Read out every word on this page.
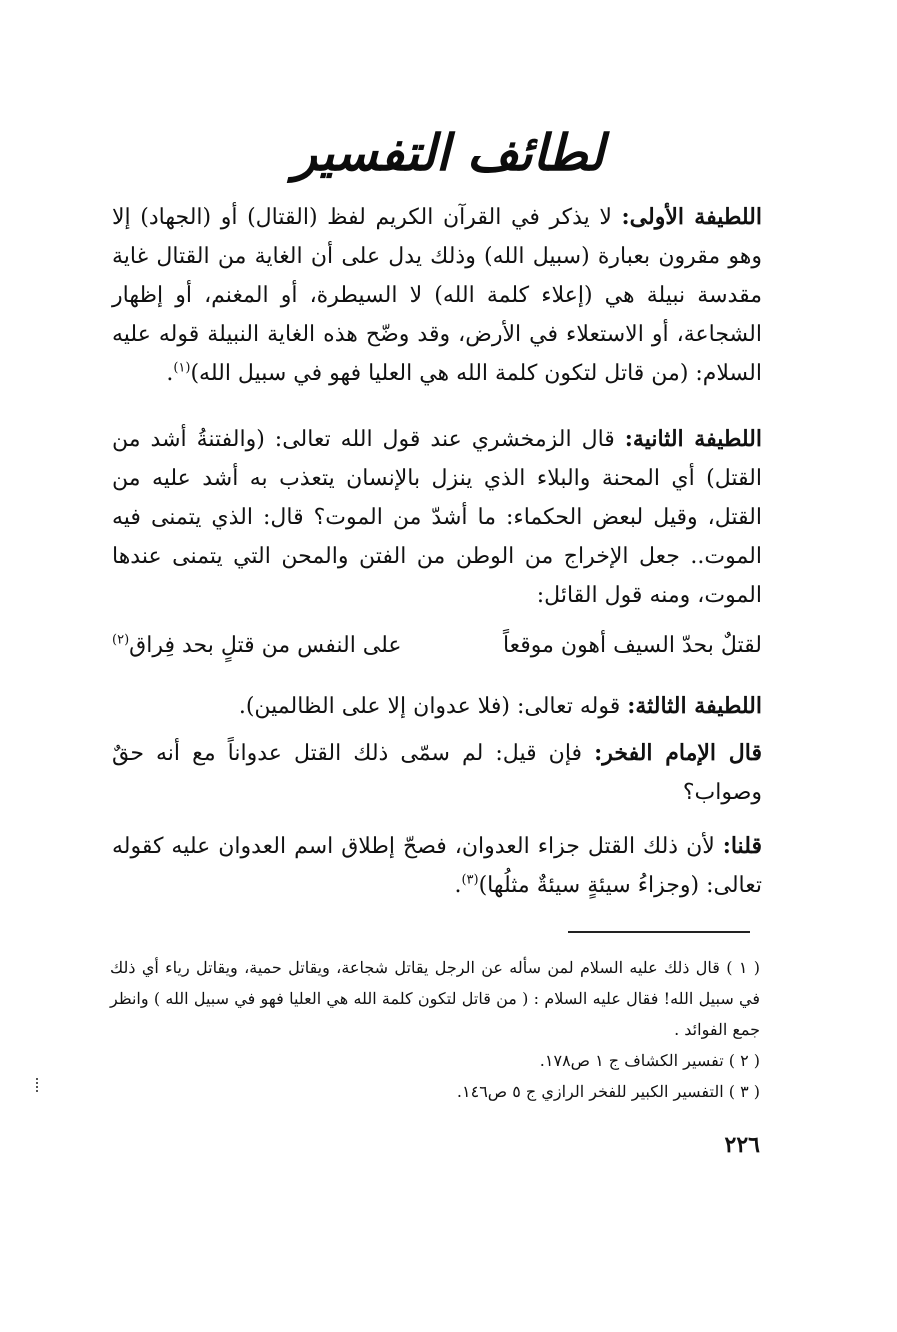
لطائف التفسير

اللطيفة الأولى: لا يذكر في القرآن الكريم لفظ (القتال) أو (الجهاد) إلا وهو مقرون بعبارة (سبيل الله) وذلك يدل على أن الغاية من القتال غاية مقدسة نبيلة هي (إعلاء كلمة الله) لا السيطرة، أو المغنم، أو إظهار الشجاعة، أو الاستعلاء في الأرض، وقد وضّح هذه الغاية النبيلة قوله عليه السلام: (من قاتل لتكون كلمة الله هي العليا فهو في سبيل الله)$^{(١)}$.

اللطيفة الثانية: قال الزمخشري عند قول الله تعالى: (والفتنةُ أشد من القتل) أي المحنة والبلاء الذي ينزل بالإنسان يتعذب به أشد عليه من القتل، وقيل لبعض الحكماء: ما أشدّ من الموت؟ قال: الذي يتمنى فيه الموت.. جعل الإخراج من الوطن من الفتن والمحن التي يتمنى عندها الموت، ومنه قول القائل:

لقتلٌ بحدّ السيف أهون موقعاً
على النفس من قتلٍ بحد فِراق$^{(٢)}$

اللطيفة الثالثة: قوله تعالى: (فلا عدوان إلا على الظالمين).

قال الإمام الفخر: فإن قيل: لم سمّى ذلك القتل عدواناً مع أنه حقٌ وصواب؟

قلنا: لأن ذلك القتل جزاء العدوان، فصحّ إطلاق اسم العدوان عليه كقوله تعالى: (وجزاءُ سيئةٍ سيئةٌ مثلُها)$^{(٣)}$.

( ١ ) قال ذلك عليه السلام لمن سأله عن الرجل يقاتل شجاعة، ويقاتل حمية، ويقاتل رياء أي ذلك في سبيل الله! فقال عليه السلام : ( من قاتل لتكون كلمة الله هي العليا فهو في سبيل الله ) وانظر جمع الفوائد .

( ٢ ) تفسير الكشاف ج ١ ص١٧٨.

( ٣ ) التفسير الكبير للفخر الرازي ج ٥ ص١٤٦.

٢٢٦
